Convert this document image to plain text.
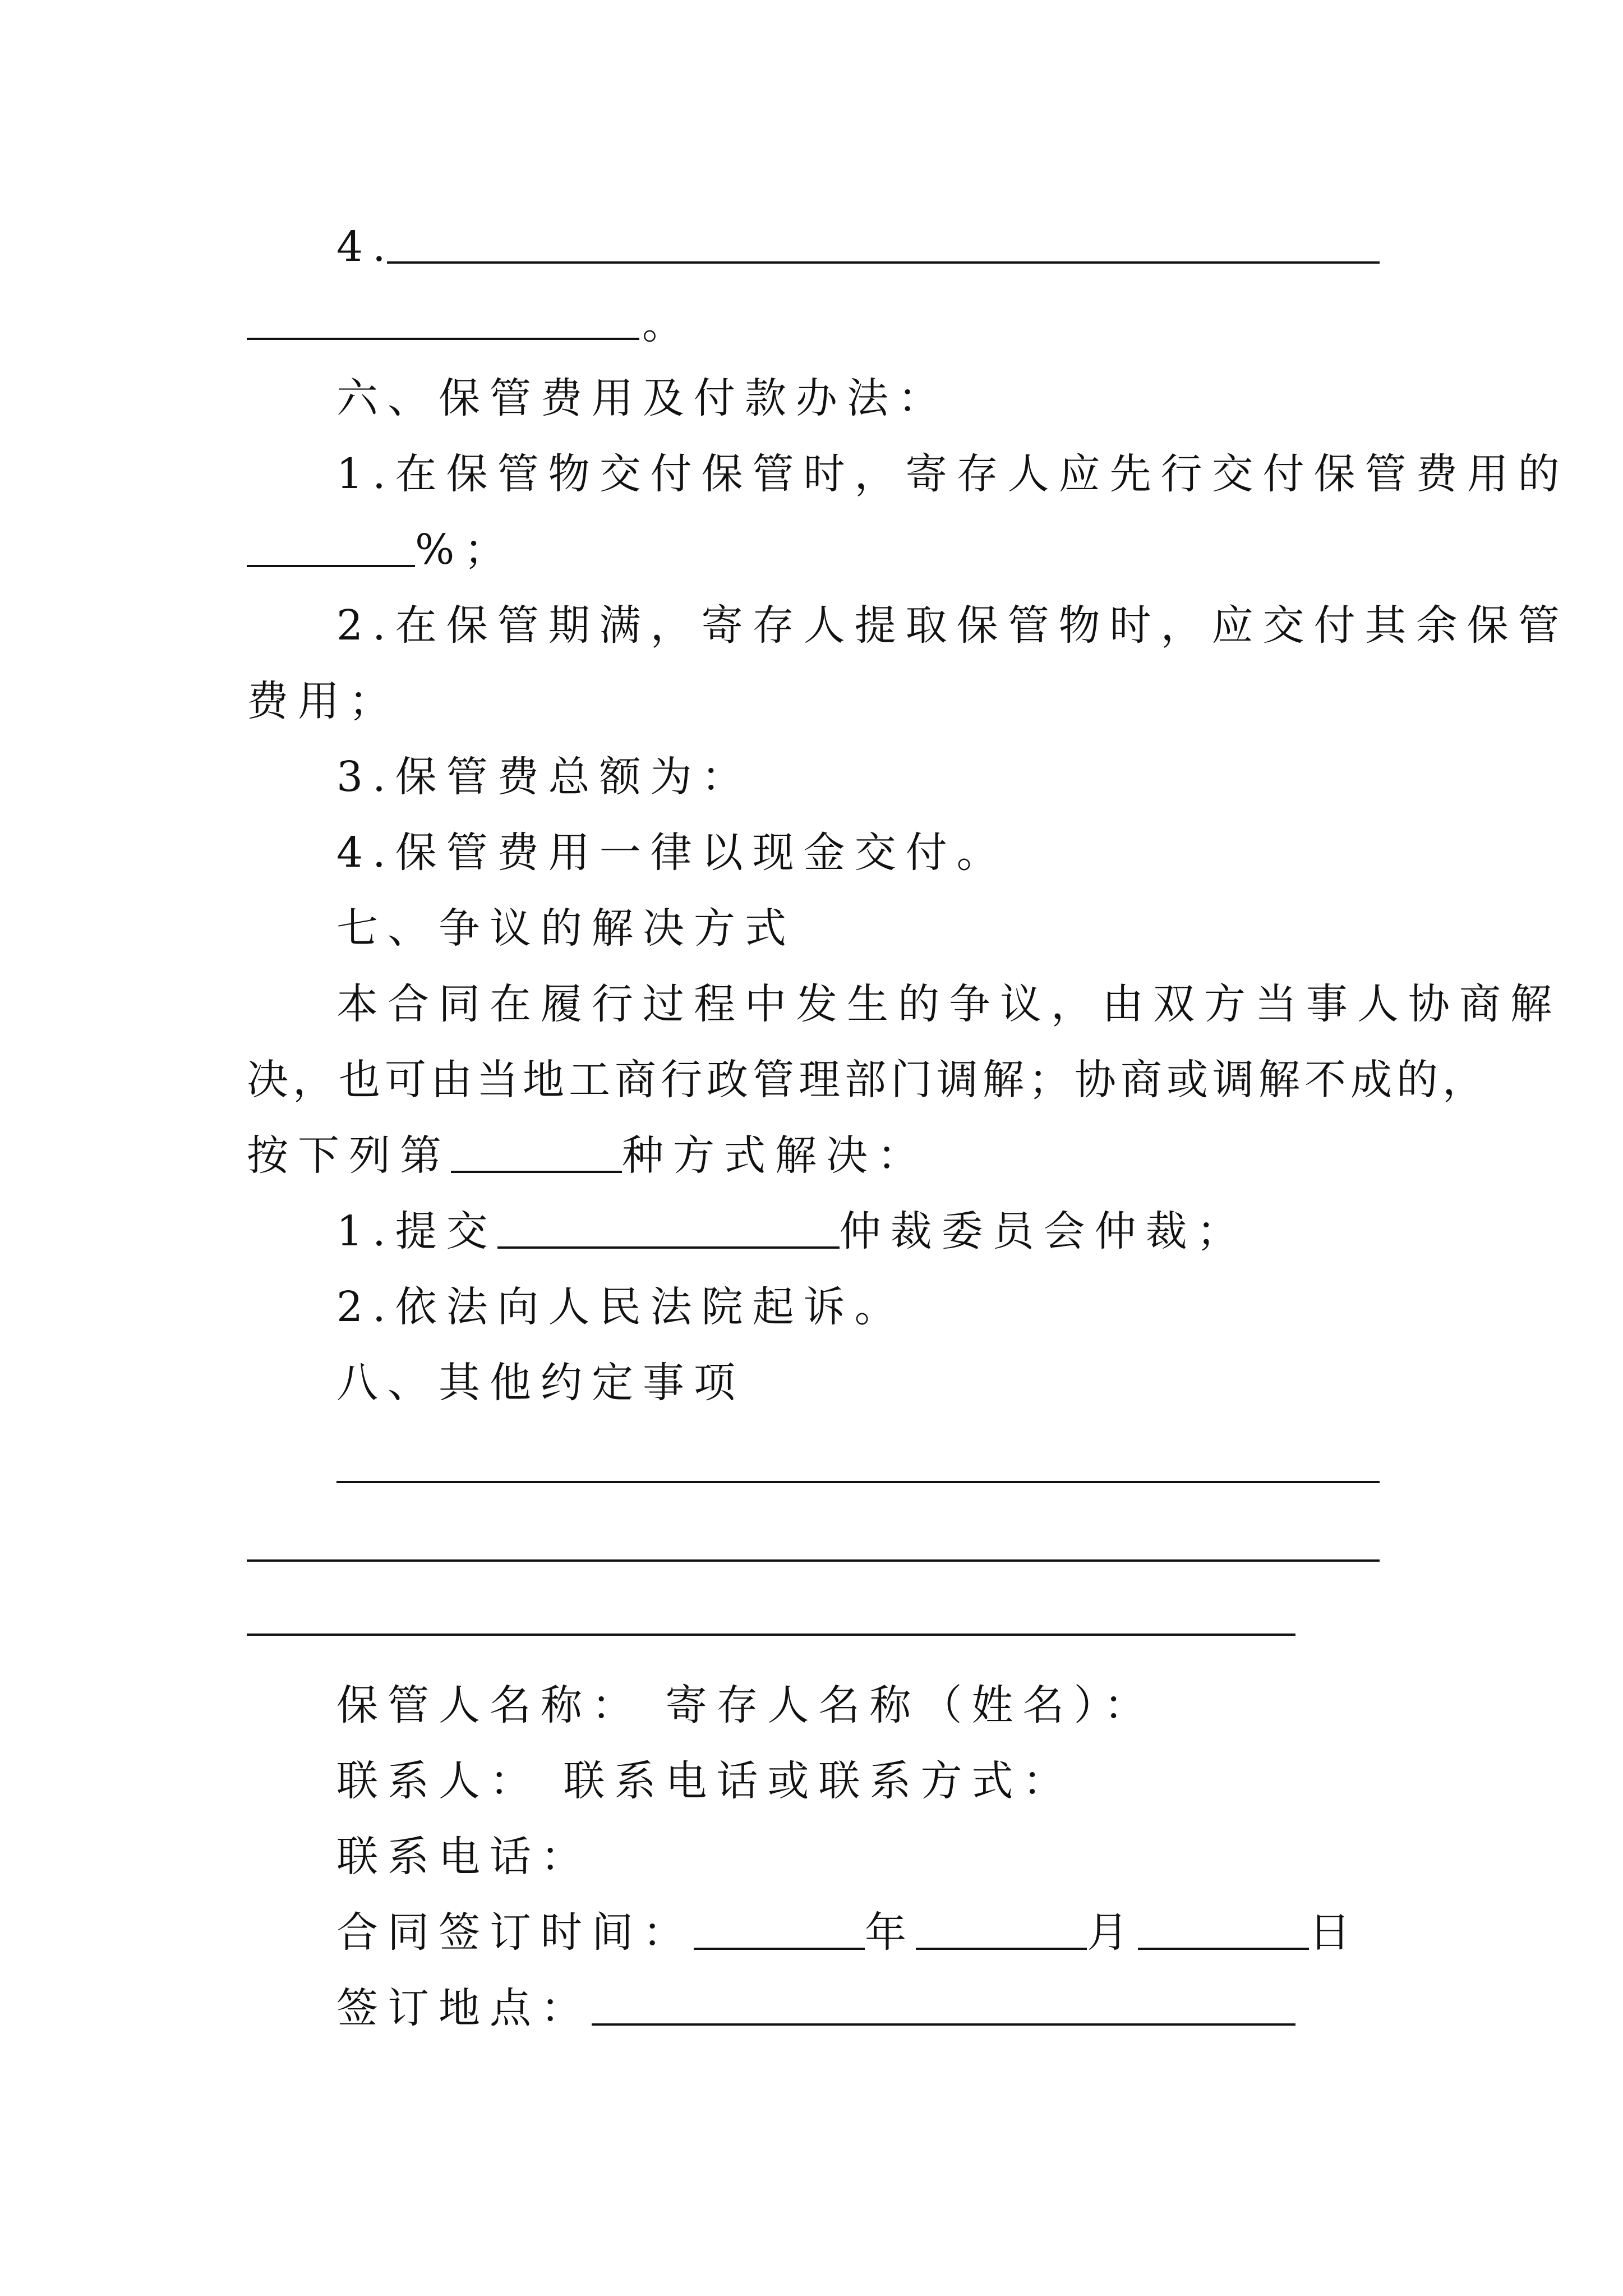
4.
。
六、保管费用及付款办法：
1.在保管物交付保管时，寄存人应先行交付保管费用的
%；
2.在保管期满，寄存人提取保管物时，应交付其余保管
费用；
3.保管费总额为：
4.保管费用一律以现金交付。
七、争议的解决方式
本合同在履行过程中发生的争议，由双方当事人协商解
决，也可由当地工商行政管理部门调解；协商或调解不成的，
按下列第	种方式解决：
1.提交	仲裁委员会仲裁；
2.依法向人民法院起诉。
八、其他约定事项
保管人名称： 寄存人名称（姓名）：
联系人： 联系电话或联系方式：
联系电话：
合同签订时间：	年	月	日
签订地点：
